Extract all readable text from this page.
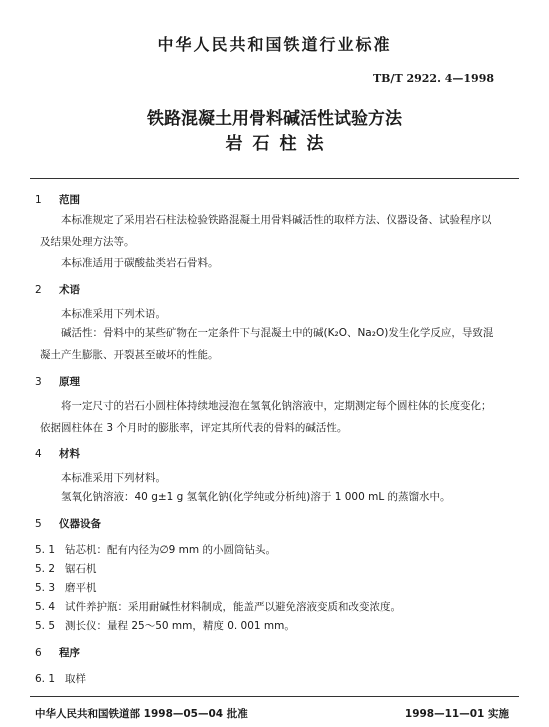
中华人民共和国铁道行业标准
TB/T 2922. 4—1998
铁路混凝土用骨料碱活性试验方法
岩石柱法
1 范围
本标准规定了采用岩石柱法检验铁路混凝土用骨料碱活性的取样方法、仪器设备、试验程序以及结果处理方法等。
本标准适用于碳酸盐类岩石骨料。
2 术语
本标准采用下列术语。
碱活性：骨料中的某些矿物在一定条件下与混凝土中的碱(K₂O、Na₂O)发生化学反应，导致混凝土产生膨胀、开裂甚至破坏的性能。
3 原理
将一定尺寸的岩石小圆柱体持续地浸泡在氢氧化钠溶液中，定期测定每个圆柱体的长度变化；依据圆柱体在 3 个月时的膨胀率，评定其所代表的骨料的碱活性。
4 材料
本标准采用下列材料。
氢氧化钠溶液：40 g±1 g 氢氧化钠(化学纯或分析纯)溶于 1 000 mL 的蒸馏水中。
5 仪器设备
5. 1 钻芯机：配有内径为∅9 mm 的小圆筒钻头。
5. 2 锯石机
5. 3 磨平机
5. 4 试件养护瓶：采用耐碱性材料制成，能盖严以避免溶液变质和改变浓度。
5. 5 测长仪：量程 25～50 mm，精度 0. 001 mm。
6 程序
6. 1 取样
中华人民共和国铁道部 1998—05—04 批准	1998—11—01 实施
